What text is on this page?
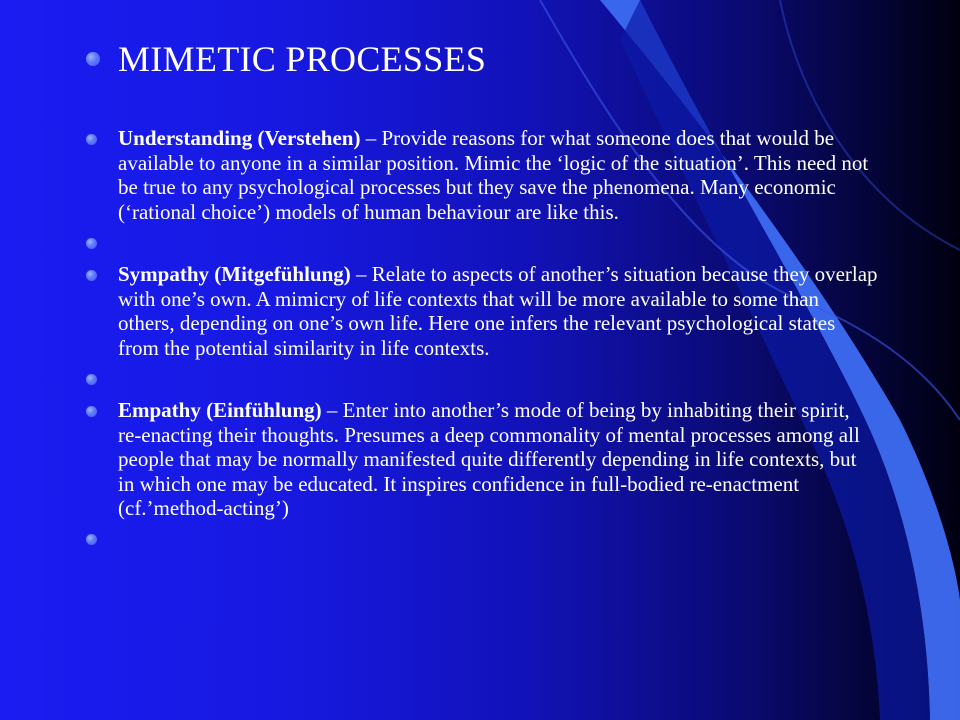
MIMETIC PROCESSES
Understanding (Verstehen) – Provide reasons for what someone does that would be available to anyone in a similar position. Mimic the ‘logic of the situation’. This need not be true to any psychological processes but they save the phenomena. Many economic (‘rational choice’) models of human behaviour are like this.
Sympathy (Mitgefühlung) – Relate to aspects of another’s situation because they overlap with one’s own. A mimicry of life contexts that will be more available to some than others, depending on one’s own life. Here one infers the relevant psychological states from the potential similarity in life contexts.
Empathy (Einfühlung) – Enter into another’s mode of being by inhabiting their spirit, re-enacting their thoughts. Presumes a deep commonality of mental processes among all people that may be normally manifested quite differently depending in life contexts, but in which one may be educated. It inspires confidence in full-bodied re-enactment (cf.’method-acting’)
